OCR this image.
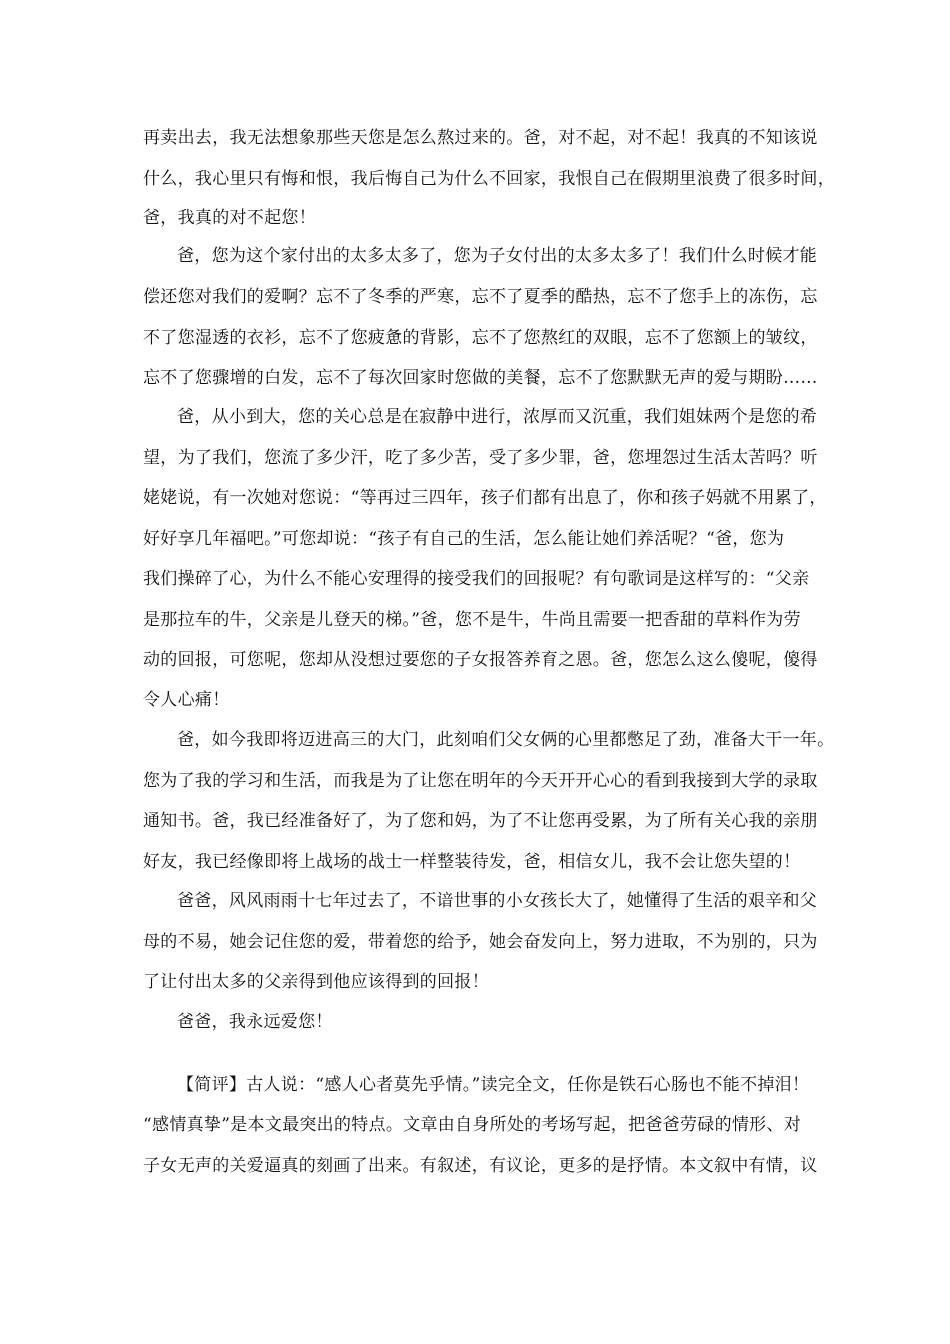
再卖出去，我无法想象那些天您是怎么熬过来的。爸，对不起，对不起！我真的不知该说
什么，我心里只有悔和恨，我后悔自己为什么不回家，我恨自己在假期里浪费了很多时间，
爸，我真的对不起您！
爸，您为这个家付出的太多太多了，您为子女付出的太多太多了！我们什么时候才能
偿还您对我们的爱啊？忘不了冬季的严寒，忘不了夏季的酷热，忘不了您手上的冻伤，忘
不了您湿透的衣衫，忘不了您疲惫的背影，忘不了您熬红的双眼，忘不了您额上的皱纹，
忘不了您骤增的白发，忘不了每次回家时您做的美餐，忘不了您默默无声的爱与期盼……
爸，从小到大，您的关心总是在寂静中进行，浓厚而又沉重，我们姐妹两个是您的希
望，为了我们，您流了多少汗，吃了多少苦，受了多少罪，爸，您埋怨过生活太苦吗？听
姥姥说，有一次她对您说：“等再过三四年，孩子们都有出息了，你和孩子妈就不用累了，
好好享几年福吧。”可您却说：“孩子有自己的生活，怎么能让她们养活呢？“爸，您为
我们操碎了心，为什么不能心安理得的接受我们的回报呢？有句歌词是这样写的：“父亲
是那拉车的牛，父亲是儿登天的梯。”爸，您不是牛，牛尚且需要一把香甜的草料作为劳
动的回报，可您呢，您却从没想过要您的子女报答养育之恩。爸，您怎么这么傻呢，傻得
令人心痛！
爸，如今我即将迈进高三的大门，此刻咱们父女俩的心里都憋足了劲，准备大干一年。
您为了我的学习和生活，而我是为了让您在明年的今天开开心心的看到我接到大学的录取
通知书。爸，我已经准备好了，为了您和妈，为了不让您再受累，为了所有关心我的亲朋
好友，我已经像即将上战场的战士一样整装待发，爸，相信女儿，我不会让您失望的！
爸爸，风风雨雨十七年过去了，不谙世事的小女孩长大了，她懂得了生活的艰辛和父
母的不易，她会记住您的爱，带着您的给予，她会奋发向上，努力进取，不为别的，只为
了让付出太多的父亲得到他应该得到的回报！
爸爸，我永远爱您！
【简评】古人说：“感人心者莫先乎情。”读完全文，任你是铁石心肠也不能不掉泪！
“感情真挚”是本文最突出的特点。文章由自身所处的考场写起，把爸爸劳碌的情形、对
子女无声的关爱逼真的刻画了出来。有叙述，有议论，更多的是抒情。本文叙中有情，议
